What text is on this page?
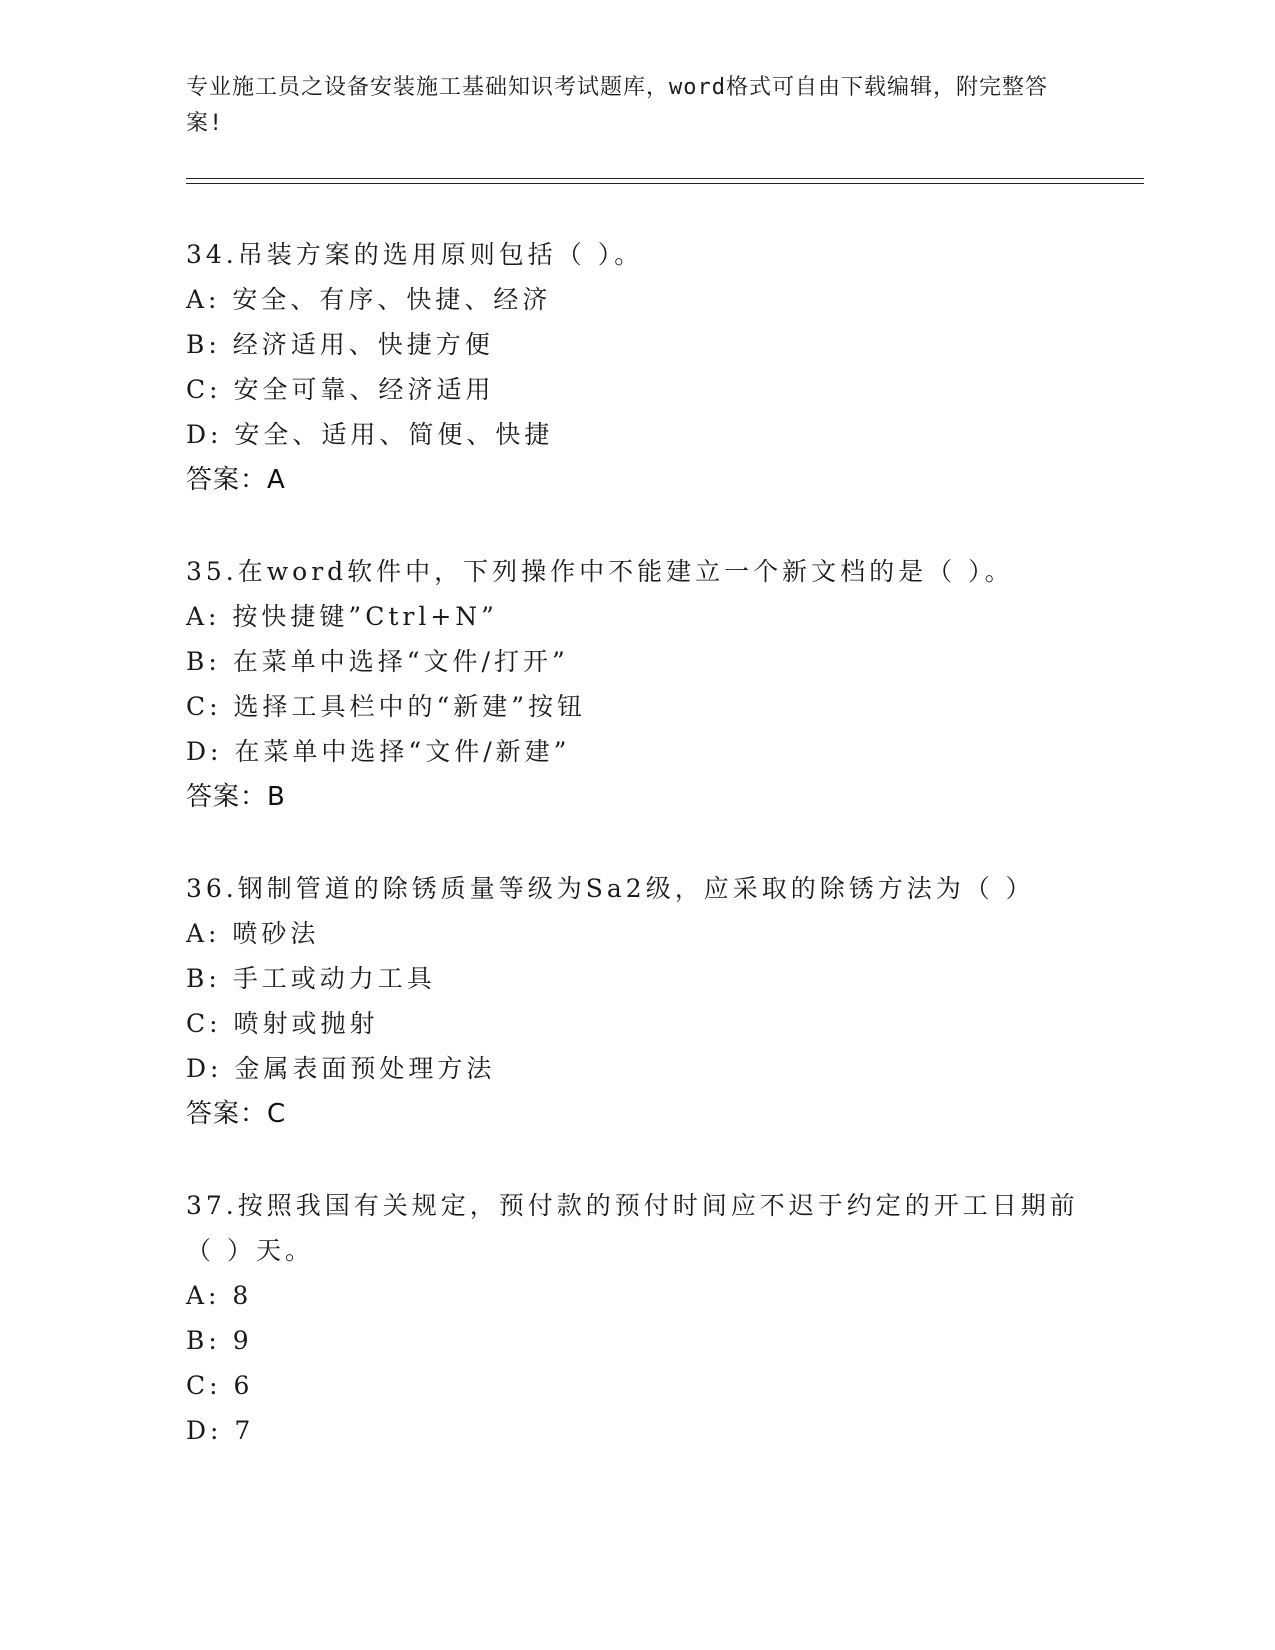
专业施工员之设备安装施工基础知识考试题库，word格式可自由下载编辑，附完整答案!
34.吊装方案的选用原则包括（ ）。
A: 安全、有序、快捷、经济
B: 经济适用、快捷方便
C: 安全可靠、经济适用
D: 安全、适用、简便、快捷
答案：A
35.在word软件中，下列操作中不能建立一个新文档的是（ ）。
A: 按快捷键”Ctrl+N”
B: 在菜单中选择“文件/打开”
C: 选择工具栏中的“新建”按钮
D: 在菜单中选择“文件/新建”
答案：B
36.钢制管道的除锈质量等级为Sa2级，应采取的除锈方法为（ ）
A: 喷砂法
B: 手工或动力工具
C: 喷射或抛射
D: 金属表面预处理方法
答案：C
37.按照我国有关规定，预付款的预付时间应不迟于约定的开工日期前（ ）天。
A: 8
B: 9
C: 6
D: 7
